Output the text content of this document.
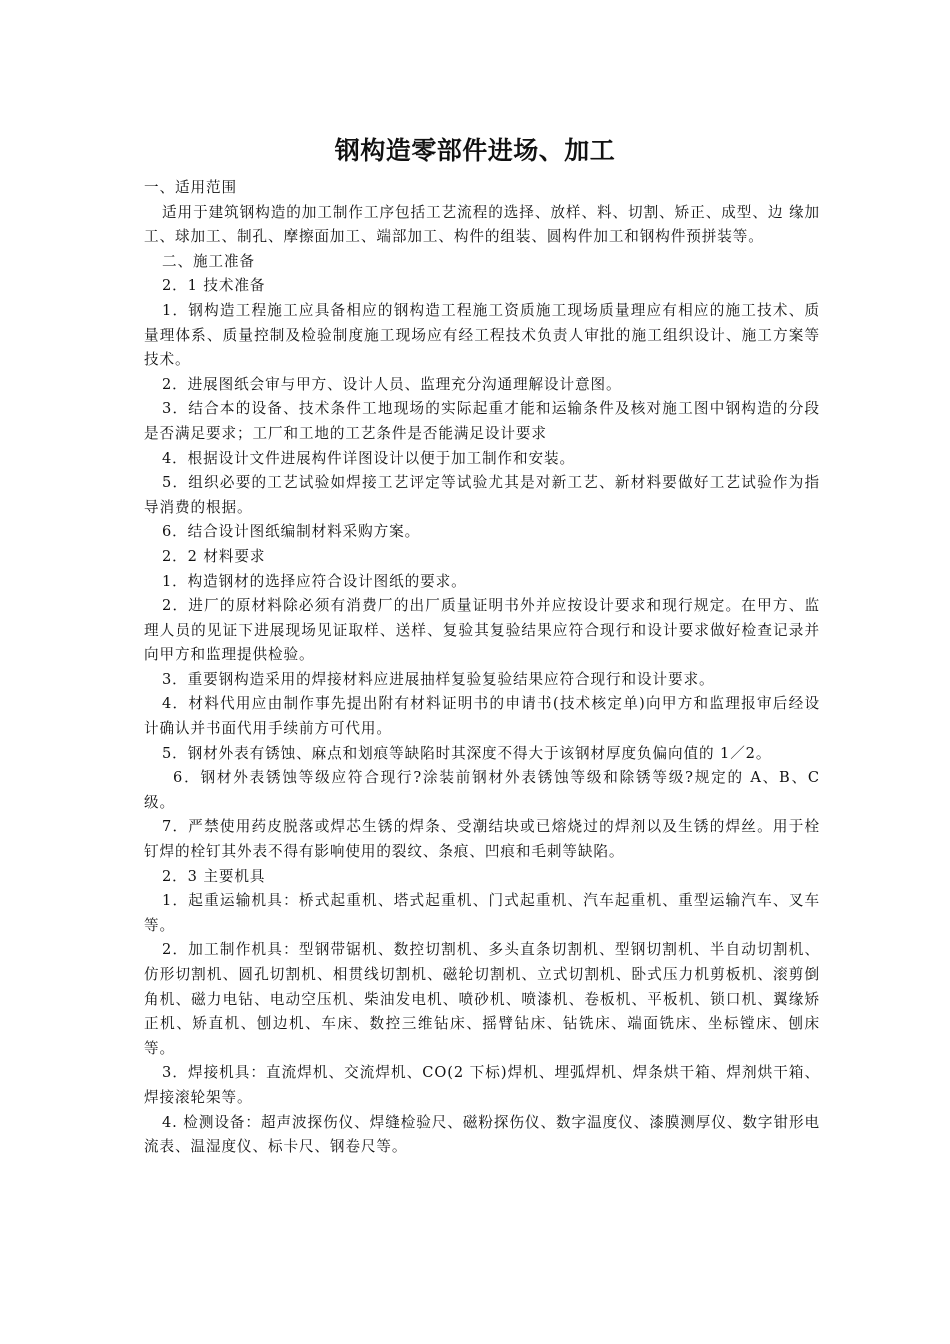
钢构造零部件进场、加工

一、适用范围

适用于建筑钢构造的加工制作工序包括工艺流程的选择、放样、料、切割、矫正、成型、边 缘加工、球加工、制孔、摩擦面加工、端部加工、构件的组装、圆构件加工和钢构件预拼装等。

二、施工准备

2．1 技术准备

1．钢构造工程施工应具备相应的钢构造工程施工资质施工现场质量理应有相应的施工技术、质量理体系、质量控制及检验制度施工现场应有经工程技术负责人审批的施工组织设计、施工方案等技术。

2．进展图纸会审与甲方、设计人员、监理充分沟通理解设计意图。

3．结合本的设备、技术条件工地现场的实际起重才能和运输条件及核对施工图中钢构造的分段是否满足要求；工厂和工地的工艺条件是否能满足设计要求

4．根据设计文件进展构件详图设计以便于加工制作和安装。

5．组织必要的工艺试验如焊接工艺评定等试验尤其是对新工艺、新材料要做好工艺试验作为指导消费的根据。

6．结合设计图纸编制材料采购方案。

2．2 材料要求

1．构造钢材的选择应符合设计图纸的要求。

2．进厂的原材料除必须有消费厂的出厂质量证明书外并应按设计要求和现行规定。在甲方、监理人员的见证下进展现场见证取样、送样、复验其复验结果应符合现行和设计要求做好检查记录并向甲方和监理提供检验。

3．重要钢构造采用的焊接材料应进展抽样复验复验结果应符合现行和设计要求。

4．材料代用应由制作事先提出附有材料证明书的申请书(技术核定单)向甲方和监理报审后经设计确认并书面代用手续前方可代用。

5．钢材外表有锈蚀、麻点和划痕等缺陷时其深度不得大于该钢材厚度负偏向值的 1／2。

6．钢材外表锈蚀等级应符合现行?涂装前钢材外表锈蚀等级和除锈等级?规定的 A、B、C 级。

7．严禁使用药皮脱落或焊芯生锈的焊条、受潮结块或已熔烧过的焊剂以及生锈的焊丝。用于栓钉焊的栓钉其外表不得有影响使用的裂纹、条痕、凹痕和毛刺等缺陷。

2．3 主要机具

1．起重运输机具：桥式起重机、塔式起重机、门式起重机、汽车起重机、重型运输汽车、叉车等。

2．加工制作机具：型钢带锯机、数控切割机、多头直条切割机、型钢切割机、半自动切割机、仿形切割机、圆孔切割机、相贯线切割机、磁轮切割机、立式切割机、卧式压力机剪板机、滚剪倒角机、磁力电钻、电动空压机、柴油发电机、喷砂机、喷漆机、卷板机、平板机、锁口机、翼缘矫正机、矫直机、刨边机、车床、数控三维钻床、摇臂钻床、钻铣床、端面铣床、坐标镗床、刨床等。

3．焊接机具：直流焊机、交流焊机、CO(2 下标)焊机、埋弧焊机、焊条烘干箱、焊剂烘干箱、焊接滚轮架等。

4. 检测设备：超声波探伤仪、焊缝检验尺、磁粉探伤仪、数字温度仪、漆膜测厚仪、数字钳形电流表、温湿度仪、标卡尺、钢卷尺等。
